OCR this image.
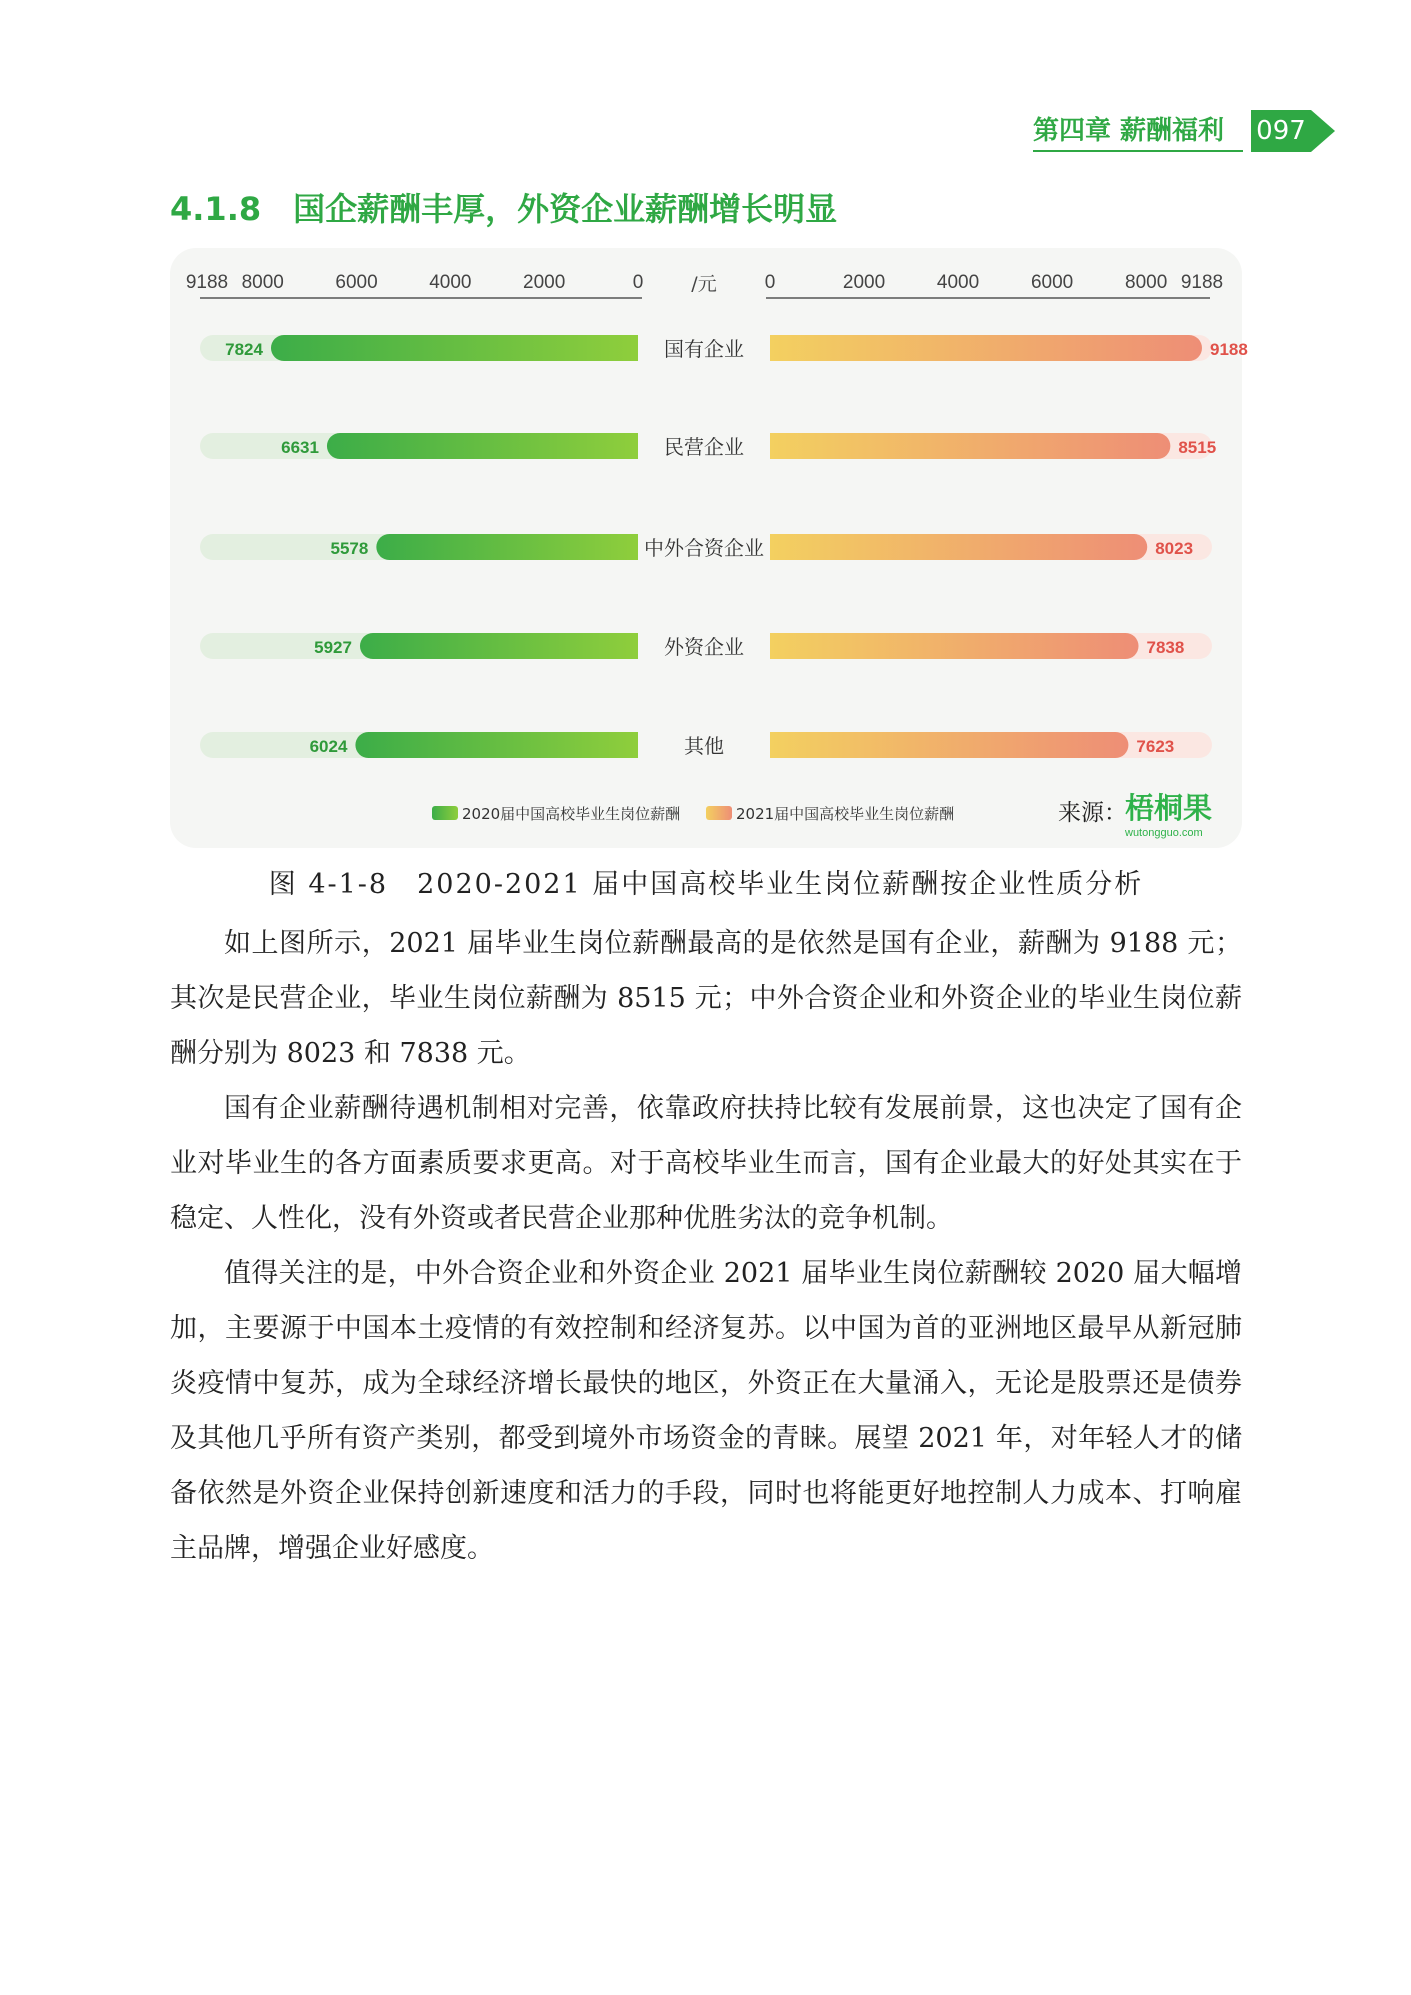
第四章 薪酬福利	097
4.1.8　国企薪酬丰厚，外资企业薪酬增长明显
9188 8000	6000	4000	2000	0	0	2000	4000	6000	8000 9188
/元
7824	9188
国有企业
6631	8515
民营企业
5578	8023
中外合资企业
5927	7838
外资企业
6024	7623
其他
2020届中国高校毕业生岗位薪酬	2021届中国高校毕业生岗位薪酬	来源：
梧桐果
wutongguo.com
图 4-1-8　2020-2021 届中国高校毕业生岗位薪酬按企业性质分析

如上图所示，2021 届毕业生岗位薪酬最高的是依然是国有企业，薪酬为 9188 元；其次是民营企业，毕业生岗位薪酬为 8515 元；中外合资企业和外资企业的毕业生岗位薪酬分别为 8023 和 7838 元。

国有企业薪酬待遇机制相对完善，依靠政府扶持比较有发展前景，这也决定了国有企业对毕业生的各方面素质要求更高。对于高校毕业生而言，国有企业最大的好处其实在于稳定、人性化，没有外资或者民营企业那种优胜劣汰的竞争机制。

值得关注的是，中外合资企业和外资企业 2021 届毕业生岗位薪酬较 2020 届大幅增加，主要源于中国本土疫情的有效控制和经济复苏。以中国为首的亚洲地区最早从新冠肺炎疫情中复苏，成为全球经济增长最快的地区，外资正在大量涌入，无论是股票还是债券及其他几乎所有资产类别，都受到境外市场资金的青睐。展望 2021 年，对年轻人才的储备依然是外资企业保持创新速度和活力的手段，同时也将能更好地控制人力成本、打响雇主品牌，增强企业好感度。
